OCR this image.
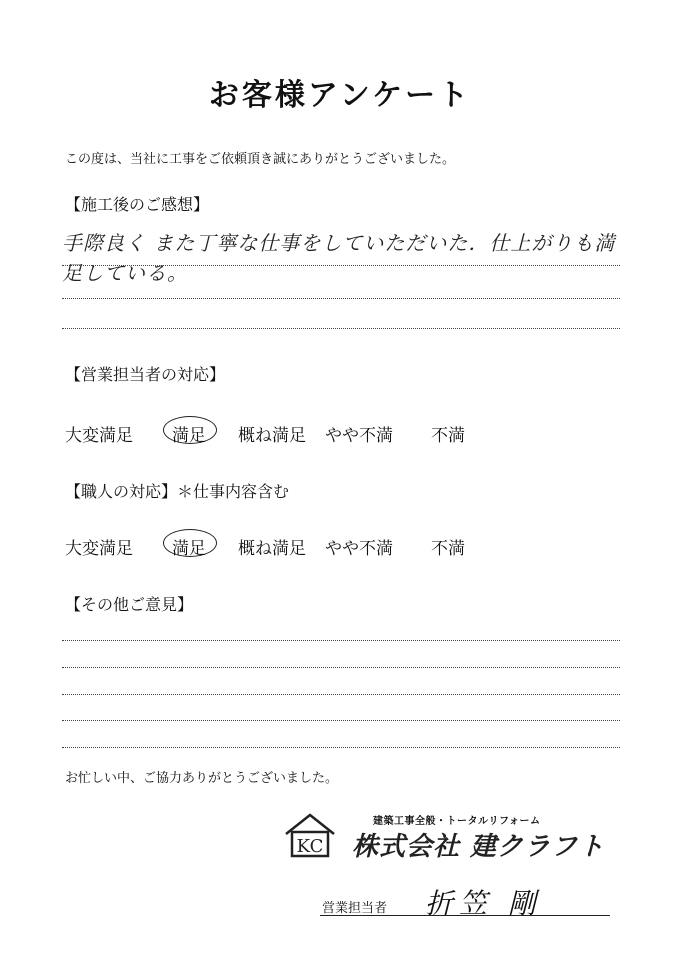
お客様アンケート
この度は、当社に工事をご依頼頂き誠にありがとうございました。
【施工後のご感想】
手際良く また丁寧な仕事をしていただいた．仕上がりも満
足している。
【営業担当者の対応】
大変満足 満足 概ね満足 やや不満 不満
【職人の対応】＊仕事内容含む
大変満足 満足 概ね満足 やや不満 不満
【その他ご意見】
お忙しい中、ご協力ありがとうございました。
KC
建築工事全般・トータルリフォーム
株式会社 建クラフト
営業担当者 折笠 剛
